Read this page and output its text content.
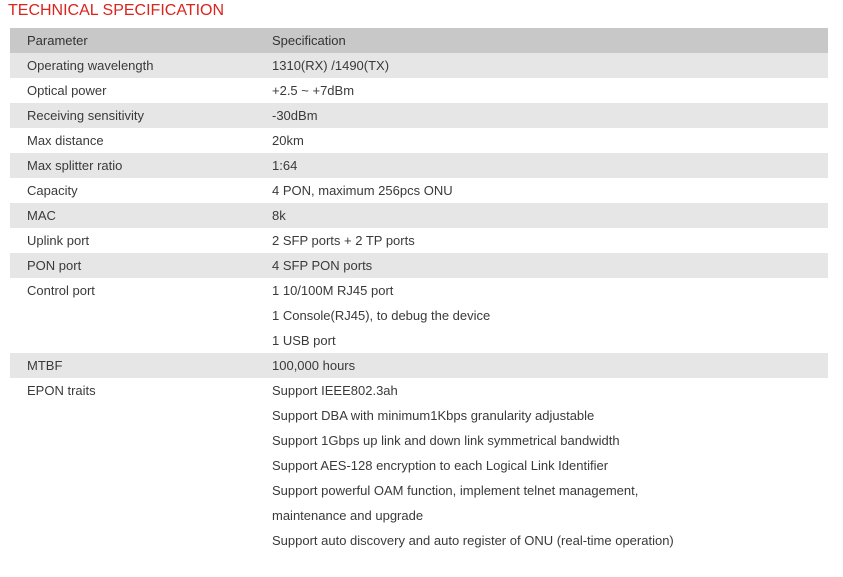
TECHNICAL SPECIFICATION
Parameter	Specification
Operating wavelength	1310(RX) /1490(TX)
Optical power	+2.5 ~ +7dBm
Receiving sensitivity	-30dBm
Max distance	20km
Max splitter ratio	1:64
Capacity	4 PON, maximum 256pcs ONU
MAC	8k
Uplink port	2 SFP ports + 2 TP ports
PON port	4 SFP PON ports
Control port	1 10/100M RJ45 port
1 Console(RJ45), to debug the device
1 USB port
MTBF	100,000 hours
EPON traits	Support IEEE802.3ah
Support DBA with minimum1Kbps granularity adjustable
Support 1Gbps up link and down link symmetrical bandwidth
Support AES-128 encryption to each Logical Link Identifier
Support powerful OAM function, implement telnet management,
maintenance and upgrade
Support auto discovery and auto register of ONU (real-time operation)
